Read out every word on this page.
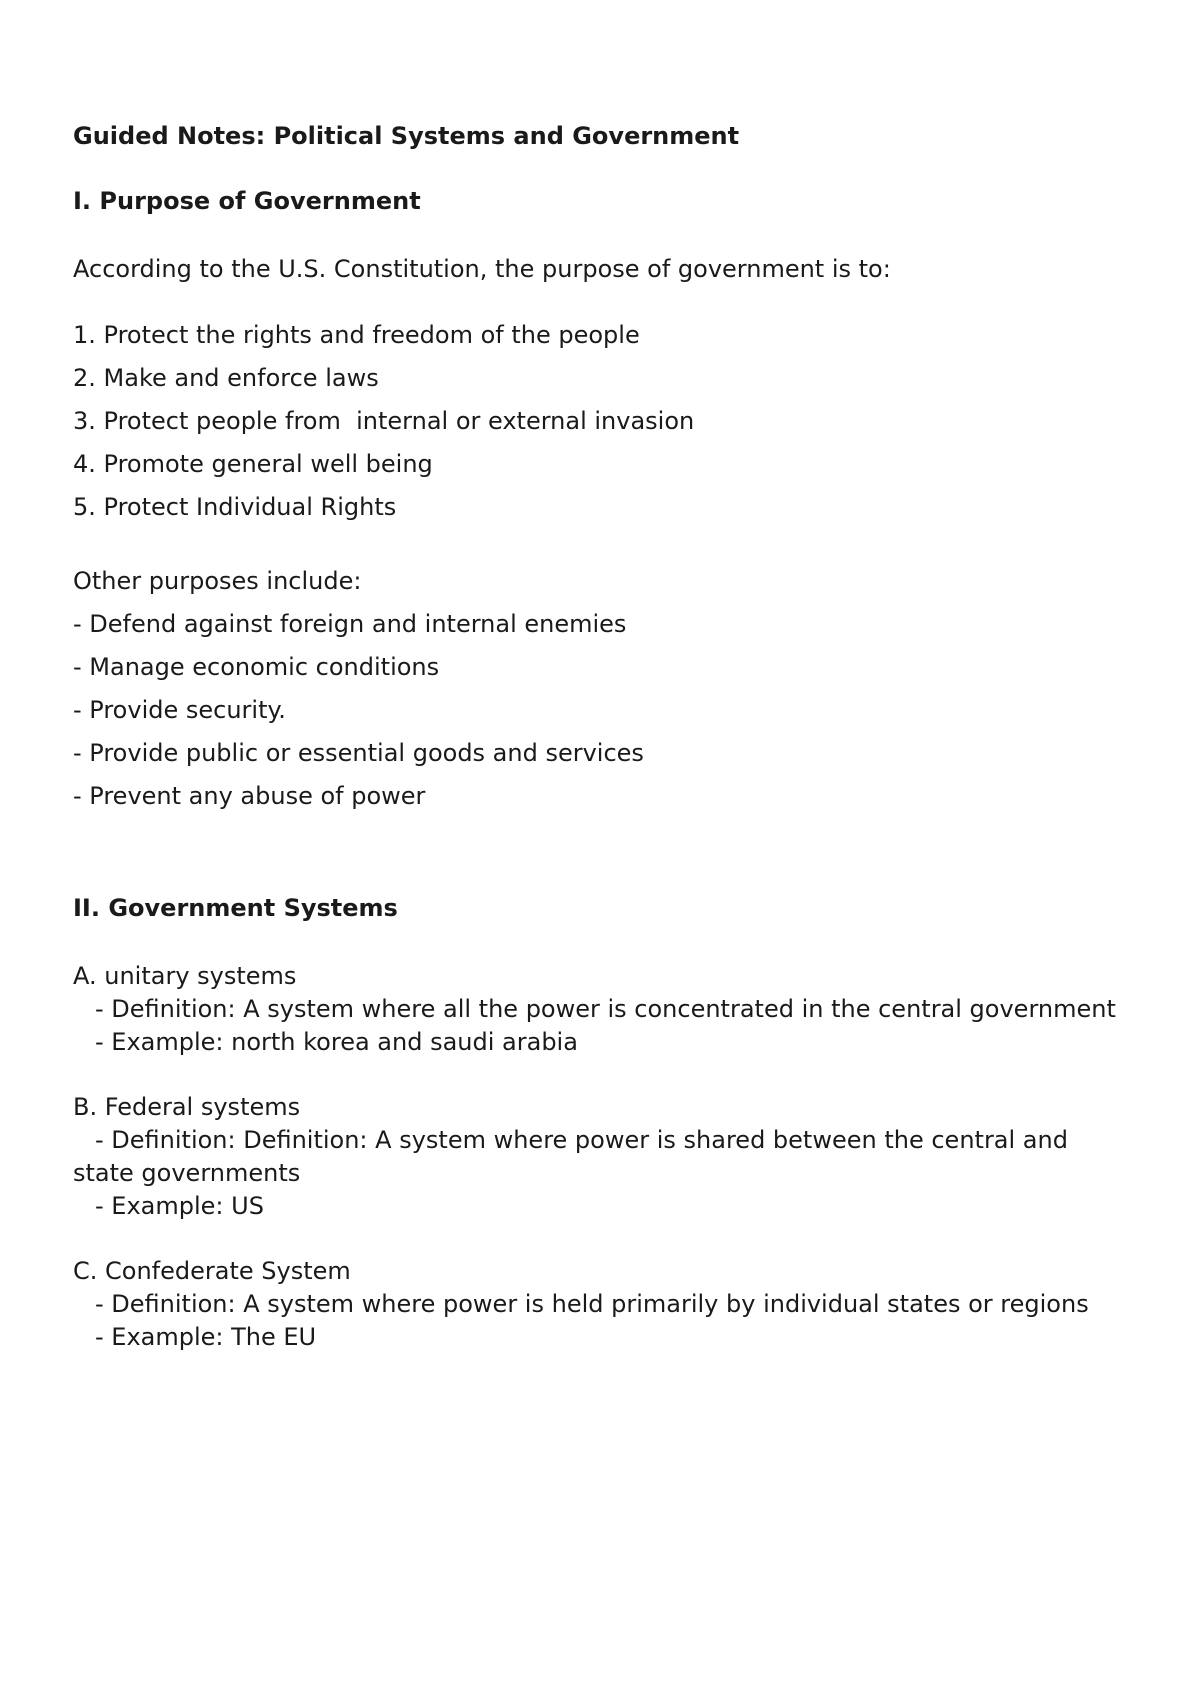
Guided Notes: Political Systems and Government
I. Purpose of Government
According to the U.S. Constitution, the purpose of government is to:
1. Protect the rights and freedom of the people
2. Make and enforce laws
3. Protect people from  internal or external invasion
4. Promote general well being
5. Protect Individual Rights
Other purposes include:
- Defend against foreign and internal enemies
- Manage economic conditions
- Provide security.
- Provide public or essential goods and services
- Prevent any abuse of power
II. Government Systems
A. unitary systems
- Definition: A system where all the power is concentrated in the central government
- Example: north korea and saudi arabia
B. Federal systems
- Definition: Definition: A system where power is shared between the central and
state governments
- Example: US
C. Confederate System
- Definition: A system where power is held primarily by individual states or regions
- Example: The EU
